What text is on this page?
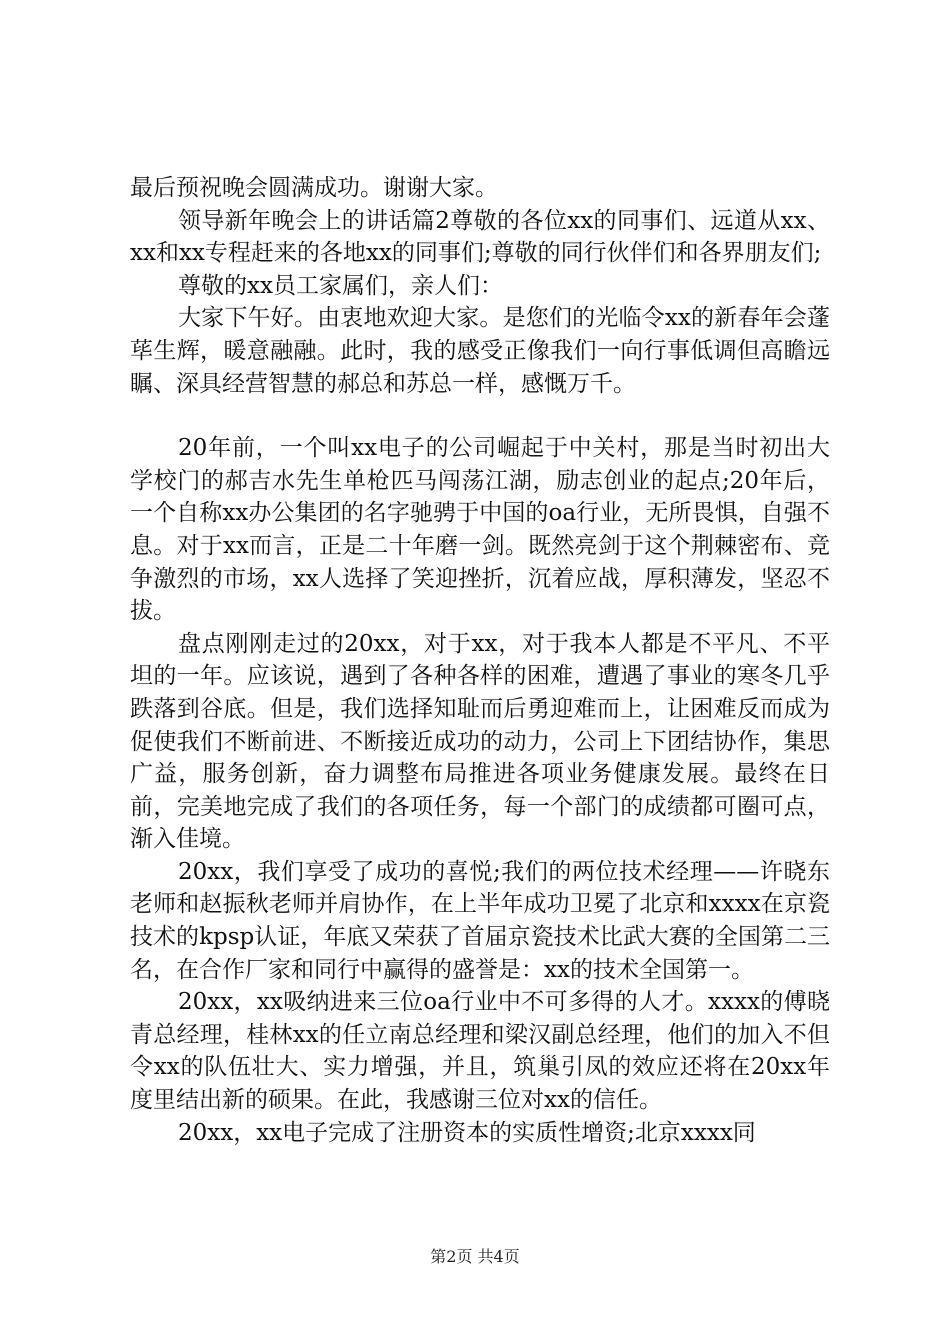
最后预祝晚会圆满成功。谢谢大家。

领导新年晚会上的讲话篇2尊敬的各位xx的同事们、远道从xx、xx和xx专程赶来的各地xx的同事们;尊敬的同行伙伴们和各界朋友们;

尊敬的xx员工家属们，亲人们：

大家下午好。由衷地欢迎大家。是您们的光临令xx的新春年会蓬荜生辉，暖意融融。此时，我的感受正像我们一向行事低调但高瞻远瞩、深具经营智慧的郝总和苏总一样，感慨万千。

20年前，一个叫xx电子的公司崛起于中关村，那是当时初出大学校门的郝吉水先生单枪匹马闯荡江湖，励志创业的起点;20年后，一个自称xx办公集团的名字驰骋于中国的oa行业，无所畏惧，自强不息。对于xx而言，正是二十年磨一剑。既然亮剑于这个荆棘密布、竞争激烈的市场，xx人选择了笑迎挫折，沉着应战，厚积薄发，坚忍不拔。

盘点刚刚走过的20xx，对于xx，对于我本人都是不平凡、不平坦的一年。应该说，遇到了各种各样的困难，遭遇了事业的寒冬几乎跌落到谷底。但是，我们选择知耻而后勇迎难而上，让困难反而成为促使我们不断前进、不断接近成功的动力，公司上下团结协作，集思广益，服务创新，奋力调整布局推进各项业务健康发展。最终在日前，完美地完成了我们的各项任务，每一个部门的成绩都可圈可点，渐入佳境。

20xx，我们享受了成功的喜悦;我们的两位技术经理——许晓东老师和赵振秋老师并肩协作，在上半年成功卫冕了北京和xxxx在京瓷技术的kpsp认证，年底又荣获了首届京瓷技术比武大赛的全国第二三名，在合作厂家和同行中赢得的盛誉是：xx的技术全国第一。

20xx，xx吸纳进来三位oa行业中不可多得的人才。xxxx的傅晓青总经理，桂林xx的任立南总经理和梁汉副总经理，他们的加入不但令xx的队伍壮大、实力增强，并且，筑巢引凤的效应还将在20xx年度里结出新的硕果。在此，我感谢三位对xx的信任。

20xx，xx电子完成了注册资本的实质性增资;北京xxxx同

第2页 共4页
